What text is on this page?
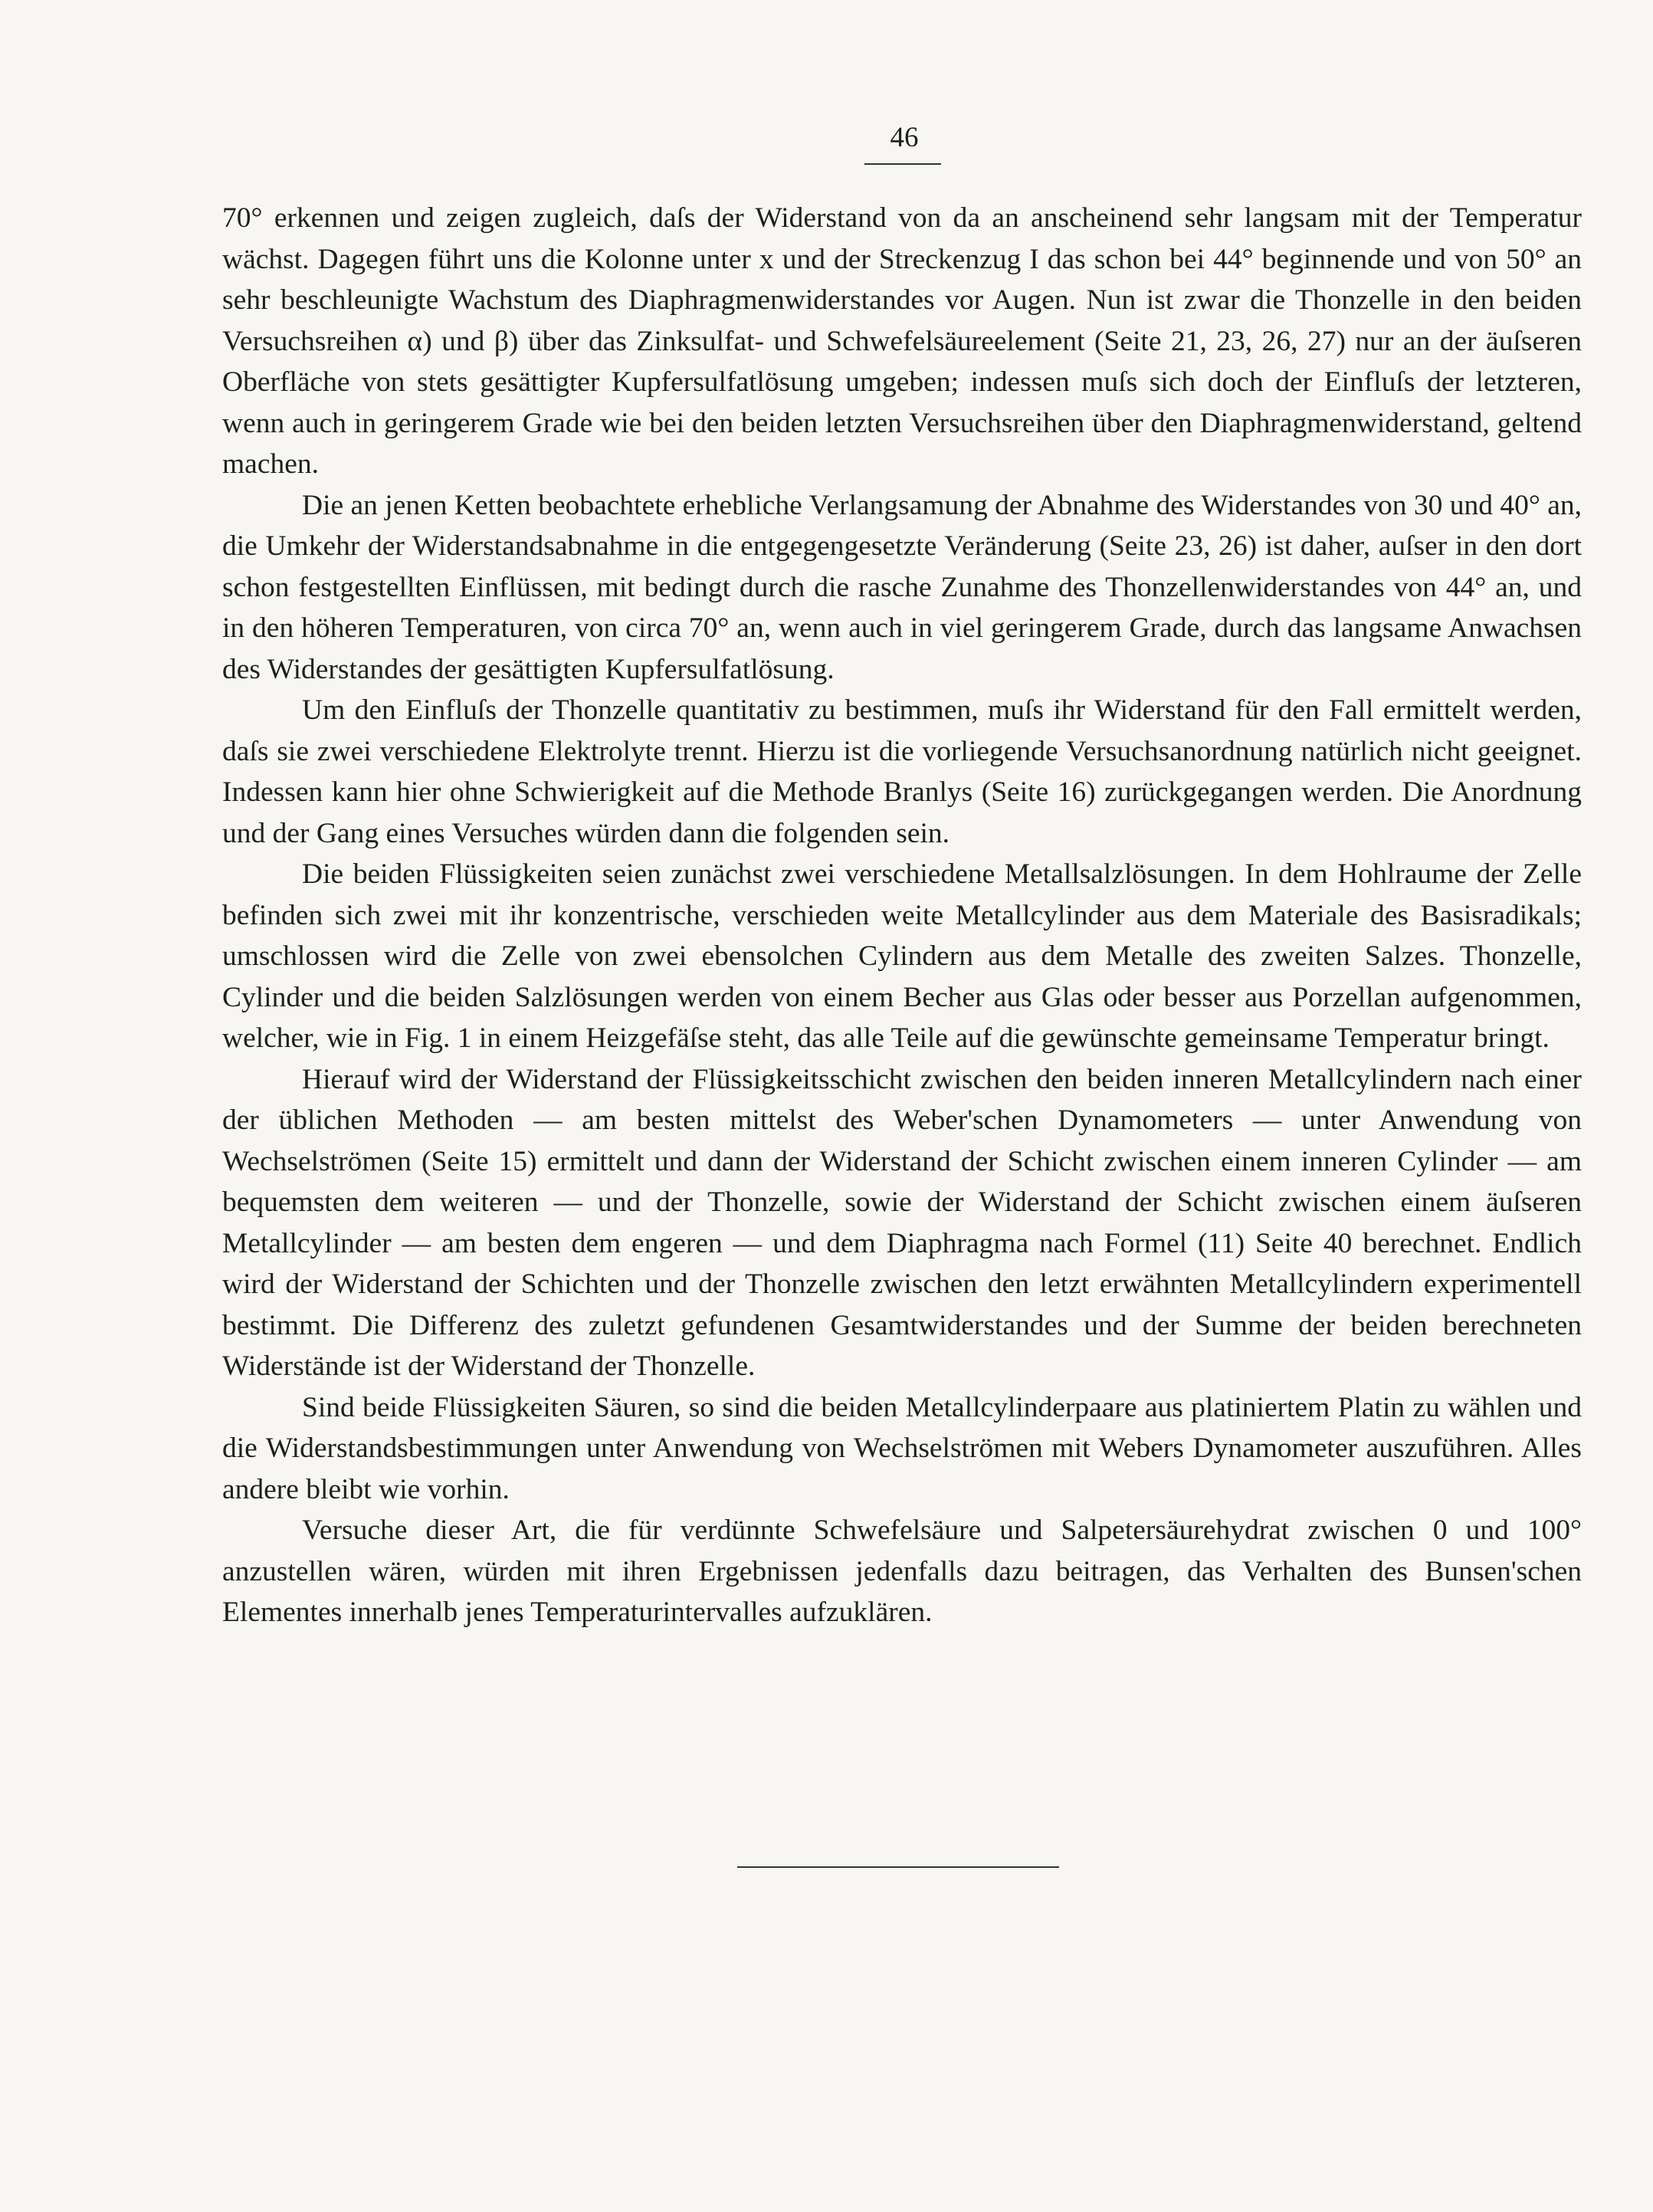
46

70° erkennen und zeigen zugleich, daſs der Widerstand von da an anscheinend sehr langsam mit der Temperatur wächst. Dagegen führt uns die Kolonne unter x und der Streckenzug I das schon bei 44° beginnende und von 50° an sehr beschleunigte Wachstum des Diaphragmenwiderstandes vor Augen. Nun ist zwar die Thonzelle in den beiden Versuchsreihen α) und β) über das Zinksulfat- und Schwefelsäureelement (Seite 21, 23, 26, 27) nur an der äuſseren Oberfläche von stets gesättigter Kupfersulfatlösung umgeben; indessen muſs sich doch der Einfluſs der letzteren, wenn auch in geringerem Grade wie bei den beiden letzten Versuchsreihen über den Diaphragmenwiderstand, geltend machen.

Die an jenen Ketten beobachtete erhebliche Verlangsamung der Abnahme des Widerstandes von 30 und 40° an, die Umkehr der Widerstandsabnahme in die entgegengesetzte Veränderung (Seite 23, 26) ist daher, auſser in den dort schon festgestellten Einflüssen, mit bedingt durch die rasche Zunahme des Thonzellenwiderstandes von 44° an, und in den höheren Temperaturen, von circa 70° an, wenn auch in viel geringerem Grade, durch das langsame Anwachsen des Widerstandes der gesättigten Kupfersulfatlösung.

Um den Einfluſs der Thonzelle quantitativ zu bestimmen, muſs ihr Widerstand für den Fall ermittelt werden, daſs sie zwei verschiedene Elektrolyte trennt. Hierzu ist die vorliegende Versuchsanordnung natürlich nicht geeignet. Indessen kann hier ohne Schwierigkeit auf die Methode Branlys (Seite 16) zurückgegangen werden. Die Anordnung und der Gang eines Versuches würden dann die folgenden sein.

Die beiden Flüssigkeiten seien zunächst zwei verschiedene Metallsalzlösungen. In dem Hohlraume der Zelle befinden sich zwei mit ihr konzentrische, verschieden weite Metallcylinder aus dem Materiale des Basisradikals; umschlossen wird die Zelle von zwei ebensolchen Cylindern aus dem Metalle des zweiten Salzes. Thonzelle, Cylinder und die beiden Salzlösungen werden von einem Becher aus Glas oder besser aus Porzellan aufgenommen, welcher, wie in Fig. 1 in einem Heizgefäſse steht, das alle Teile auf die gewünschte gemeinsame Temperatur bringt.

Hierauf wird der Widerstand der Flüssigkeitsschicht zwischen den beiden inneren Metallcylindern nach einer der üblichen Methoden — am besten mittelst des Weber'schen Dynamometers — unter Anwendung von Wechselströmen (Seite 15) ermittelt und dann der Widerstand der Schicht zwischen einem inneren Cylinder — am bequemsten dem weiteren — und der Thonzelle, sowie der Widerstand der Schicht zwischen einem äuſseren Metallcylinder — am besten dem engeren — und dem Diaphragma nach Formel (11) Seite 40 berechnet. Endlich wird der Widerstand der Schichten und der Thonzelle zwischen den letzt erwähnten Metallcylindern experimentell bestimmt. Die Differenz des zuletzt gefundenen Gesamtwiderstandes und der Summe der beiden berechneten Widerstände ist der Widerstand der Thonzelle.

Sind beide Flüssigkeiten Säuren, so sind die beiden Metallcylinderpaare aus platiniertem Platin zu wählen und die Widerstandsbestimmungen unter Anwendung von Wechselströmen mit Webers Dynamometer auszuführen. Alles andere bleibt wie vorhin.

Versuche dieser Art, die für verdünnte Schwefelsäure und Salpetersäurehydrat zwischen 0 und 100° anzustellen wären, würden mit ihren Ergebnissen jedenfalls dazu beitragen, das Verhalten des Bunsen'schen Elementes innerhalb jenes Temperaturintervalles aufzuklären.
